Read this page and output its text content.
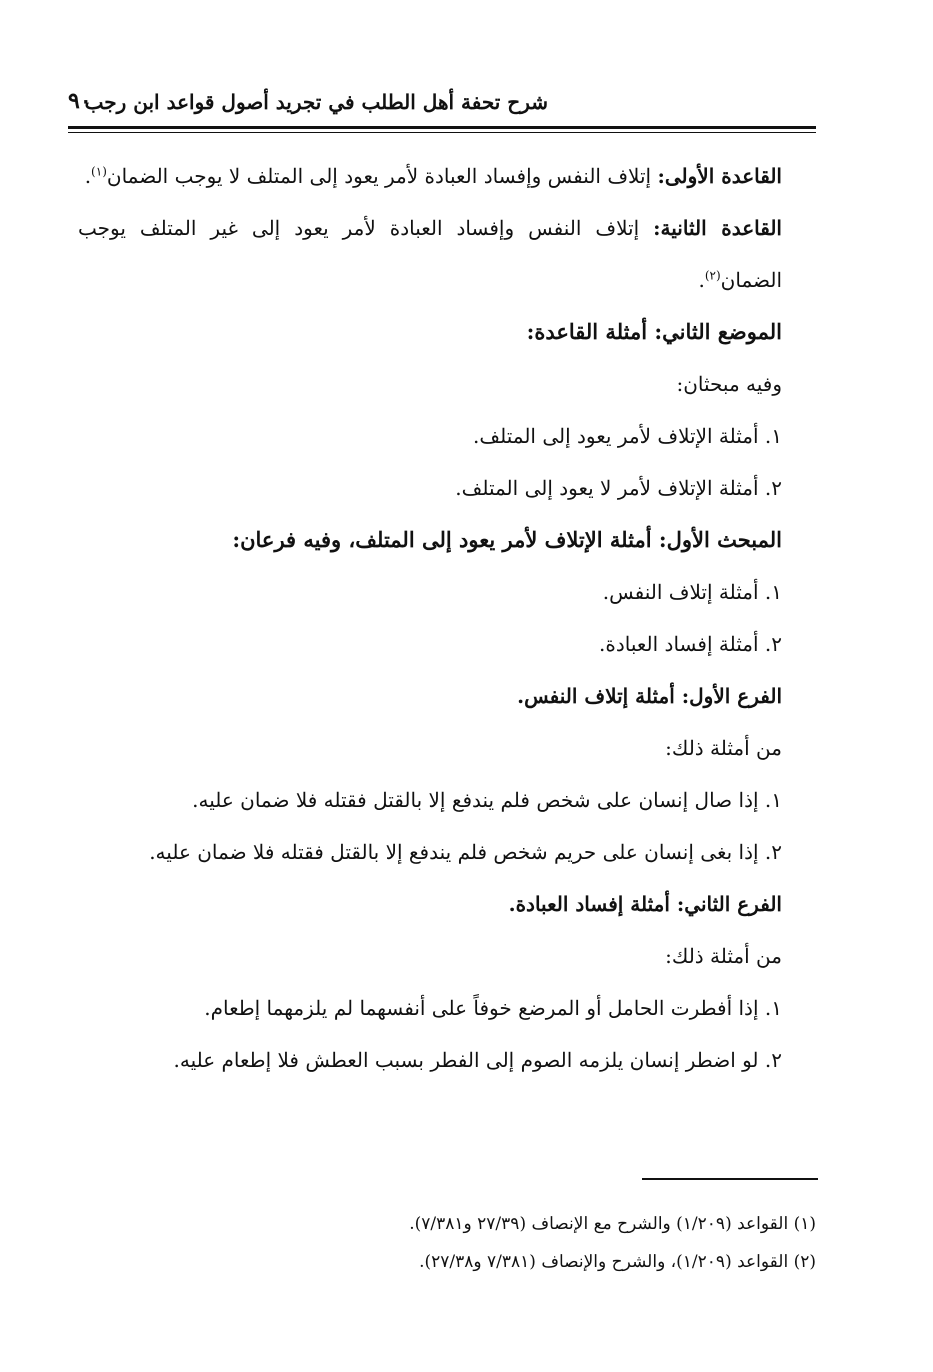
شرح تحفة أهل الطلب في تجريد أصول قواعد ابن رجب
٩٠

القاعدة الأولى: إتلاف النفس وإفساد العبادة لأمر يعود إلى المتلف لا يوجب الضمان$^{(١)}$.

القاعدة الثانية: إتلاف النفس وإفساد العبادة لأمر يعود إلى غير المتلف يوجب الضمان$^{(٢)}$.

الموضع الثاني: أمثلة القاعدة:

وفيه مبحثان:

١. أمثلة الإتلاف لأمر يعود إلى المتلف.

٢. أمثلة الإتلاف لأمر لا يعود إلى المتلف.

المبحث الأول: أمثلة الإتلاف لأمر يعود إلى المتلف، وفيه فرعان:

١. أمثلة إتلاف النفس.

٢. أمثلة إفساد العبادة.

الفرع الأول: أمثلة إتلاف النفس.

من أمثلة ذلك:

١. إذا صال إنسان على شخص فلم يندفع إلا بالقتل فقتله فلا ضمان عليه.

٢. إذا بغى إنسان على حريم شخص فلم يندفع إلا بالقتل فقتله فلا ضمان عليه.

الفرع الثاني: أمثلة إفساد العبادة.

من أمثلة ذلك:

١. إذا أفطرت الحامل أو المرضع خوفاً على أنفسهما لم يلزمهما إطعام.

٢. لو اضطر إنسان يلزمه الصوم إلى الفطر بسبب العطش فلا إطعام عليه.

(١) القواعد (١/٢٠٩) والشرح مع الإنصاف (٢٧/٣٩ و٧/٣٨١).

(٢) القواعد (١/٢٠٩)، والشرح والإنصاف (٧/٣٨١ و٢٧/٣٨).
